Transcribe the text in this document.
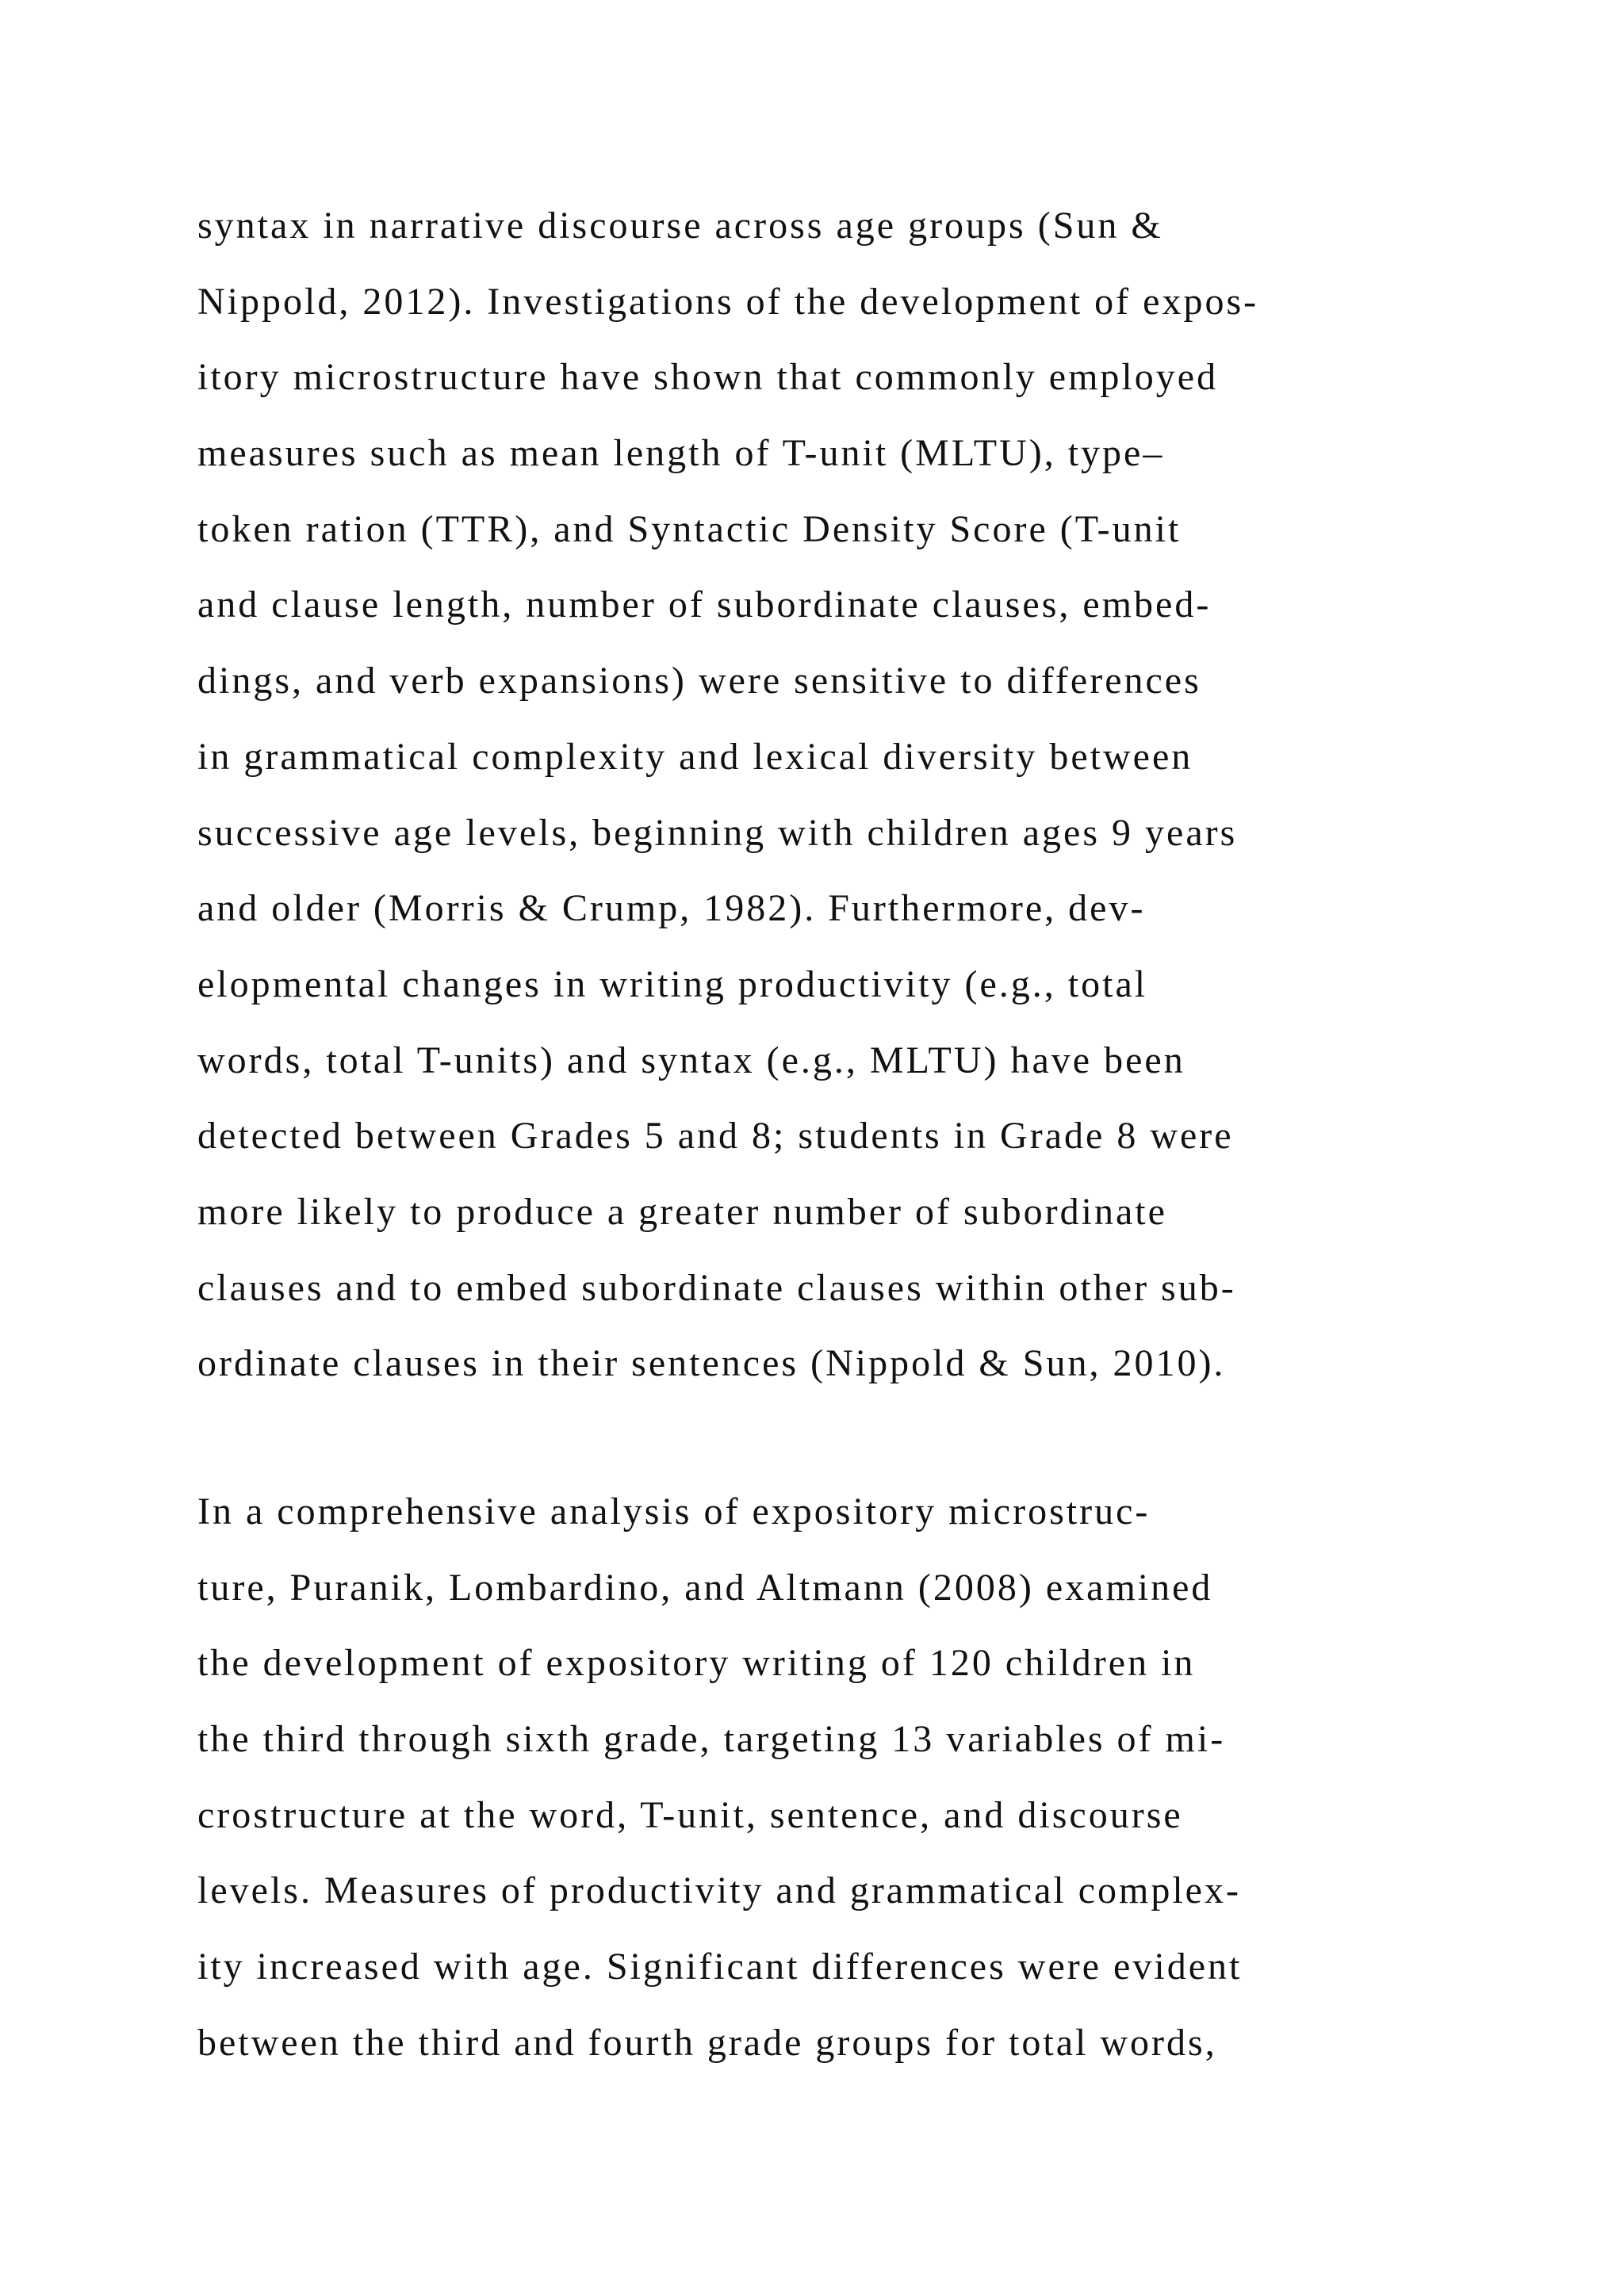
syntax in narrative discourse across age groups (Sun &
Nippold, 2012). Investigations of the development of expos-
itory microstructure have shown that commonly employed
measures such as mean length of T-unit (MLTU), type–
token ration (TTR), and Syntactic Density Score (T-unit
and clause length, number of subordinate clauses, embed-
dings, and verb expansions) were sensitive to differences
in grammatical complexity and lexical diversity between
successive age levels, beginning with children ages 9 years
and older (Morris & Crump, 1982). Furthermore, dev-
elopmental changes in writing productivity (e.g., total
words, total T-units) and syntax (e.g., MLTU) have been
detected between Grades 5 and 8; students in Grade 8 were
more likely to produce a greater number of subordinate
clauses and to embed subordinate clauses within other sub-
ordinate clauses in their sentences (Nippold & Sun, 2010).

In a comprehensive analysis of expository microstruc-
ture, Puranik, Lombardino, and Altmann (2008) examined
the development of expository writing of 120 children in
the third through sixth grade, targeting 13 variables of mi-
crostructure at the word, T-unit, sentence, and discourse
levels. Measures of productivity and grammatical complex-
ity increased with age. Significant differences were evident
between the third and fourth grade groups for total words,
